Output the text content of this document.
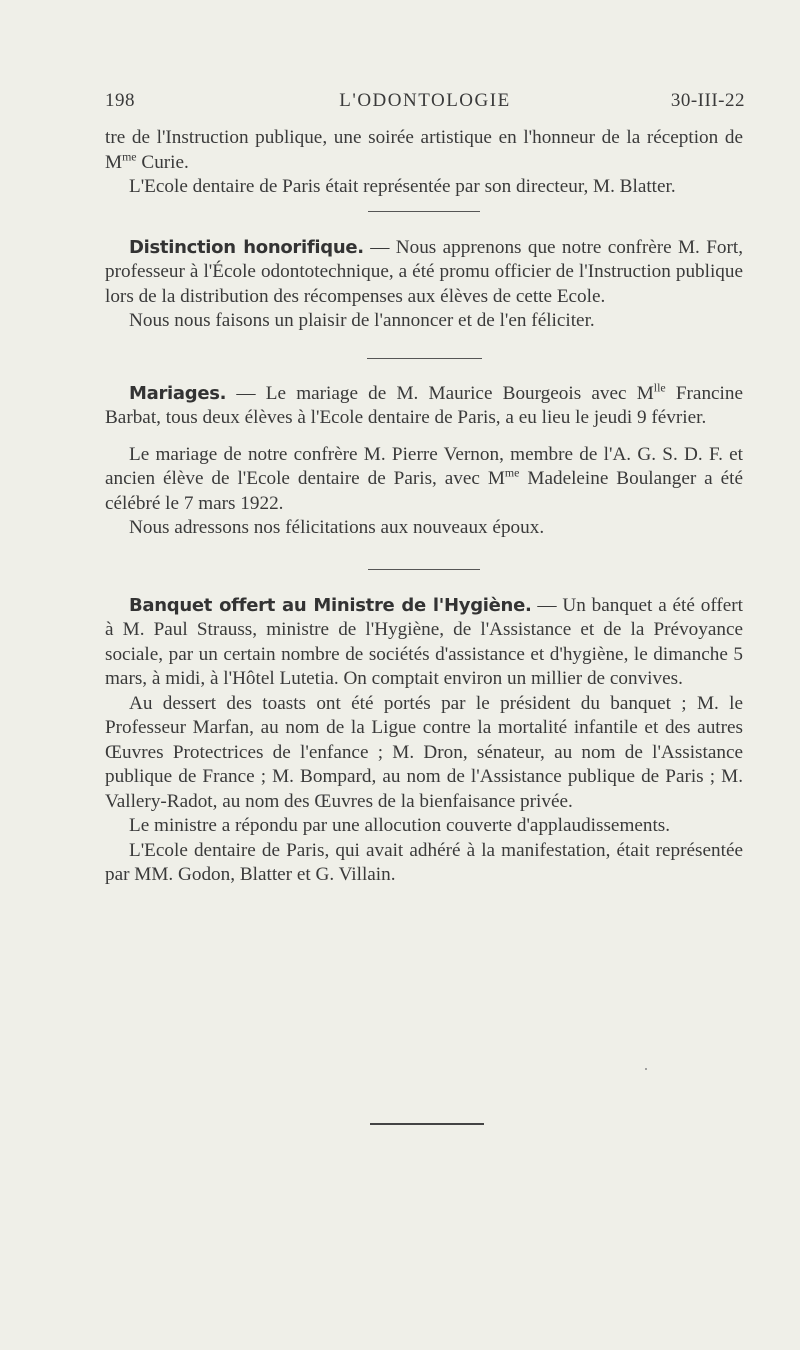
198	L'ODONTOLOGIE	30-III-22

tre de l'Instruction publique, une soirée artistique en l'honneur de la réception de $M^{me}$ Curie.

L'Ecole dentaire de Paris était représentée par son directeur, M. Blatter.

Distinction honorifique. — Nous apprenons que notre confrère M. Fort, professeur à l'École odontotechnique, a été promu officier de l'Instruction publique lors de la distribution des récompenses aux élèves de cette Ecole.

Nous nous faisons un plaisir de l'annoncer et de l'en féliciter.

Mariages. — Le mariage de M. Maurice Bourgeois avec $M^{lle}$ Francine Barbat, tous deux élèves à l'Ecole dentaire de Paris, a eu lieu le jeudi 9 février.

Le mariage de notre confrère M. Pierre Vernon, membre de l'A. G. S. D. F. et ancien élève de l'Ecole dentaire de Paris, avec $M^{me}$ Madeleine Boulanger a été célébré le 7 mars 1922.

Nous adressons nos félicitations aux nouveaux époux.

Banquet offert au Ministre de l'Hygiène. — Un banquet a été offert à M. Paul Strauss, ministre de l'Hygiène, de l'Assistance et de la Prévoyance sociale, par un certain nombre de sociétés d'assistance et d'hygiène, le dimanche 5 mars, à midi, à l'Hôtel Lutetia. On comptait environ un millier de convives.

Au dessert des toasts ont été portés par le président du banquet ; M. le Professeur Marfan, au nom de la Ligue contre la mortalité infantile et des autres Œuvres Protectrices de l'enfance ; M. Dron, sénateur, au nom de l'Assistance publique de France ; M. Bompard, au nom de l'Assistance publique de Paris ; M. Vallery-Radot, au nom des Œuvres de la bienfaisance privée.

Le ministre a répondu par une allocution couverte d'applaudissements.

L'Ecole dentaire de Paris, qui avait adhéré à la manifestation, était représentée par MM. Godon, Blatter et G. Villain.
